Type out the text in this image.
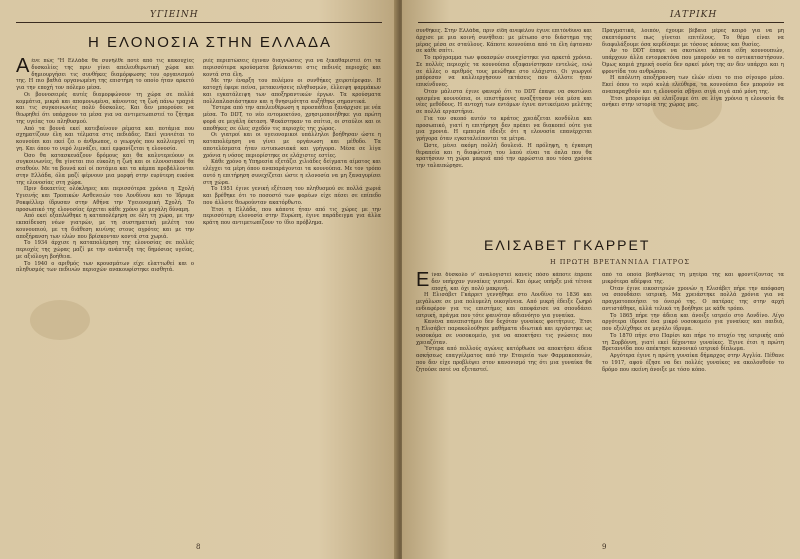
ΥΓΙΕΙΝΗ
Η ΕΛΟΝΟΣΙΑ ΣΤΗΝ ΕΛΛΑΔΑ
Α ένε πώς "Η Ελλάδα θα συνήλθε ποτέ από τις κακουχίες δυσκολίες της πριν γίνει απελευθερωτική χώρα και δημιουργήσει τις συνθήκες διαμόρφωσης του οργανισμού της. Η πιο βαθιά οργανωμένη της επιστήμη το οποίο ήταν αρκετό για την εποχή τον πόλεμο μέσα.

Οι βουνοσειρές αυτές διαμορφώνουν τη χώρα σε πολλά κομμάτια, μικρά και απομονωμένα, κάνοντας τη ζωή πάνω τραχιά και τις συγκοινωνίες πολύ δύσκολες. Και δεν μπορούσε να θεωρηθεί ότι υπάρχουν τα μέσα για να αντιμετωπιστεί το ζήτημα της υγείας του πληθυσμού.

Από τα βουνά εκεί κατεβαίνουν ρέματα και ποτάμια που σχηματίζουν έλη και τέλματα στις πεδιάδες. Εκεί γεννιέται το κουνούπι και εκεί ζει ο άνθρωπος, ο γεωργός που καλλιεργεί τη γη. Και όπου το νερό λιμνάζει, εκεί εμφανίζεται η ελονοσία.

Όσο θα κατασκευάζουν δρόμους και θα καλυτερεύουν οι συγκοινωνίες, θα γίνεται πιο εύκολη η ζωή και οι ελονοσιακοί θα σταθούν. Με τα βουνά καί οί ποτάμια και τα κάμπα προβάλλονται στην Ελλάδα, όλα μαζί φέρνουν μια μορφή στην ευρύτερη εικόνα της ελονοσίας στη χώρα.

Πριν δεκαετίες ολόκληρες και περισσότερα χρόνια η Σχολή Υγιεινής και Τροπικών Ασθενειών του Λονδίνου και το Ίδρυμα Ροκφέλλερ ίδρυσαν στην Αθήνα την Υγειονομική Σχολή. Το προσωπικό της ελονοσίας έρχεται κάθε χρόνο με μεγάλη δύναμη.

Από εκεί εξαπλώθηκε η καταπολέμηση σε όλη τη χώρα, με την εκπαίδευση νέων γιατρών, με τη συστηματική μελέτη του κουνουπιού, με τη διάθεση κινίνης στους αγρότες και με την αποξήρανση των ελών που βρίσκονταν κοντά στα χωριά.

Το 1934 άρχισε η καταπολέμηση της ελονοσίας σε πολλές περιοχές της χώρας μαζί με την ανάπτυξη της δημόσιας υγείας, με αξιόλογη βοήθεια.

Το 1940 ο αριθμός των κρουσμάτων είχε ελαττωθεί και ο πληθυσμός των πεδινών περιοχών ανακουφίστηκε αισθητά.

ριές περιπτώσεις έγιναν διαγνώσεις για να ξεκαθαριστεί ότι τα περισσότερα κρούσματα βρίσκονται στις πεδινές περιοχές και κοντά στα έλη.

Με την έναρξη του πολέμου οι συνθήκες χειροτέρεψαν. Η κατοχή έφερε πείνα, μετακινήσεις πληθυσμών, έλλειψη φαρμάκων και εγκατάλειψη των αποξηραντικών έργων. Τα κρούσματα πολλαπλασιάστηκαν και η θνησιμότητα αυξήθηκε σημαντικά.

Ύστερα από την απελευθέρωση η προσπάθεια ξανάρχισε με νέα μέσα. Το DDT, το νέο εντομοκτόνο, χρησιμοποιήθηκε για πρώτη φορά σε μεγάλη έκταση. Ψεκάστηκαν τα σπίτια, οι σταύλοι και οι αποθήκες σε όλες σχεδόν τις περιοχές της χώρας.

Οι γιατροί και οι υγειονομικοί υπάλληλοι βοήθησαν ώστε η καταπολέμηση να γίνει με οργάνωση και μέθοδο. Τα αποτελέσματα ήταν εντυπωσιακά και γρήγορα. Μέσα σε λίγα χρόνια η νόσος περιορίστηκε σε ελάχιστες εστίες.

Κάθε χρόνο η Υπηρεσία εξετάζει χιλιάδες δείγματα αίματος και ελέγχει τα μέρη όπου αναπαράγονται τα κουνούπια. Με τον τρόπο αυτό η επιτήρηση συνεχίζεται ώστε η ελονοσία να μη ξαναγυρίσει στη χώρα.

Το 1951 έγινε γενική εξέταση του πληθυσμού σε πολλά χωριά και βρέθηκε ότι το ποσοστό των φορέων είχε πέσει σε επίπεδο που άλλοτε θεωρούνταν ακατόρθωτο.

Έτσι η Ελλάδα, που κάποτε ήταν από τις χώρες με την περισσότερη ελονοσία στην Ευρώπη, έγινε παράδειγμα για άλλα κράτη που αντιμετωπίζουν το ίδιο πρόβλημα.

8
ΙΑΤΡΙΚΗ

συνθήκες. Στην Ελλάδα, πριν είδη ανεφέλου έγινε επιτόνδυνο και άρχισε με μια κοινή συνήθεια: με μέτωπο στο διάστημα της μέρας μέσα σε σταύλους. Κάποτε κουνούπια από τα έλη έφταναν σε κάθε σπίτι.

Το πρόγραμμα των ψεκασμών συνεχίστηκε για αρκετά χρόνια. Σε πολλές περιοχές τα κουνούπια εξαφανίστηκαν εντελώς, ενώ σε άλλες ο αριθμός τους μειώθηκε στο ελάχιστο. Οι γεωργοί μπόρεσαν να καλλιεργήσουν εκτάσεις που άλλοτε ήταν επικίνδυνες.

Όταν μάλιστα έγινε φανερό ότι το DDT έπαψε να σκοτώνει ορισμένα κουνούπια, οι επιστήμονες αναζήτησαν νέα μέσα και νέες μεθόδους. Η αντοχή των εντόμων έγινε αντικείμενο μελέτης σε πολλά εργαστήρια.

Για τον σκοπό αυτόν το κράτος χρειάζεται κονδύλια και προσωπικό, γιατί η επιτήρηση δεν πρέπει να διακοπεί ούτε για μια χρονιά. Η εμπειρία έδειξε ότι η ελονοσία επανέρχεται γρήγορα όταν εγκαταλείπονται τα μέτρα.

Ώστε, μένει ακόμη πολλή δουλειά. Η πρόληψη, η έγκαιρη θεραπεία και η διαφώτιση του λαού είναι τα όπλα που θα κρατήσουν τη χώρα μακριά από την αρρώστια που τόσα χρόνια την ταλαιπώρησε.

Πραγματικά, λοιπόν, έχουμε βέβαια μέρες καιρό για να μη σκεπτόμαστε πως γίνεται επιτέλους. Το θέμα είναι να διαφυλάξουμε όσα κερδίσαμε με τόσους κόπους και θυσίες.

Αν το DDT έπαψε να σκοτώνει κάποια είδη κουνουπιών, υπάρχουν άλλα εντομοκτόνα που μπορούν να το αντικαταστήσουν. Όμως καμιά χημική ουσία δεν αρκεί μόνη της αν δεν υπάρχει και η φροντίδα του ανθρώπου.

Η απόλυτη αποξήρανση των ελών είναι το πιο σίγουρο μέσο. Εκεί όπου το νερό κυλά ελεύθερα, τα κουνούπια δεν μπορούν να αναπαραχθούν και η ελονοσία σβήνει σιγά σιγά από μόνη της.

Έτσι μπορούμε να ελπίζουμε ότι σε λίγα χρόνια η ελονοσία θα ανήκει στην ιστορία της χώρας μας.

ΕΛΙΣΑΒΕΤ ΓΚΑΡΡΕΤ
Η ΠΡΩΤΗ ΒΡΕΤΑΝΝΙΔΑ ΓΙΑΤΡΟΣ
Ε ίναι δύσκολο ν' αναλογιστεί κανείς πόσο κάποτε έπρεπε δεν υπήρχαν γυναίκες γιατροί. Και όμως υπήρξε μιά τέτοια εποχή, και όχι πολύ μακρινή.

Η Ελισάβετ Γκάρρετ γεννήθηκε στο Λονδίνο το 1836 και μεγάλωσε σε μια πολυμελή οικογένεια. Από μικρή έδειξε ζωηρό ενδιαφέρον για τις επιστήμες και αποφάσισε να σπουδάσει ιατρική, πράγμα που τότε φαινόταν αδιανόητο για γυναίκα.

Κανένα πανεπιστήμιο δεν δεχόταν γυναίκες φοιτήτριες. Έτσι η Ελισάβετ παρακολούθησε μαθήματα ιδιωτικά και εργάστηκε ως νοσοκόμα σε νοσοκομείο, για να αποκτήσει τις γνώσεις που χρειαζόταν.

Ύστερα από πολλούς αγώνες κατόρθωσε να αποκτήσει άδεια ασκήσεως επαγγέλματος από την Εταιρεία των Φαρμακοποιών, που δεν είχε προβλέψει στον κανονισμό της ότι μια γυναίκα θα ζητούσε ποτέ να εξεταστεί.

από τα οποία βοηθώντας τη μητέρα της και φροντίζοντας τα μικρότερα αδέρφια της.

Όταν έγινε εικοσιτριών χρονών η Ελισάβετ πήρε την απόφαση να σπουδάσει ιατρική. Μα χρειάστηκε πολλά χρόνια για να πραγματοποιήσει το όνειρό της. Ο πατέρας της στην αρχή αντιστάθηκε, αλλά τελικά τη βοήθησε με κάθε τρόπο.

Το 1865 πήρε την άδεια και άνοιξε ιατρείο στο Λονδίνο. Λίγο αργότερα ίδρυσε ένα μικρό νοσοκομείο για γυναίκες και παιδιά, που εξελίχθηκε σε μεγάλο ίδρυμα.

Το 1870 πήγε στο Παρίσι και πήρε το πτυχίο της ιατρικής από τη Σορβόννη, γιατί εκεί δέχονταν γυναίκες. Έγινε έτσι η πρώτη Βρεταννίδα που απέκτησε κανονικό ιατρικό δίπλωμα.

Αργότερα έγινε η πρώτη γυναίκα δήμαρχος στην Αγγλία. Πέθανε το 1917, αφού έζησε να δει πολλές γυναίκες να ακολουθούν το δρόμο που εκείνη άνοιξε με τόσο κόπο.

9
